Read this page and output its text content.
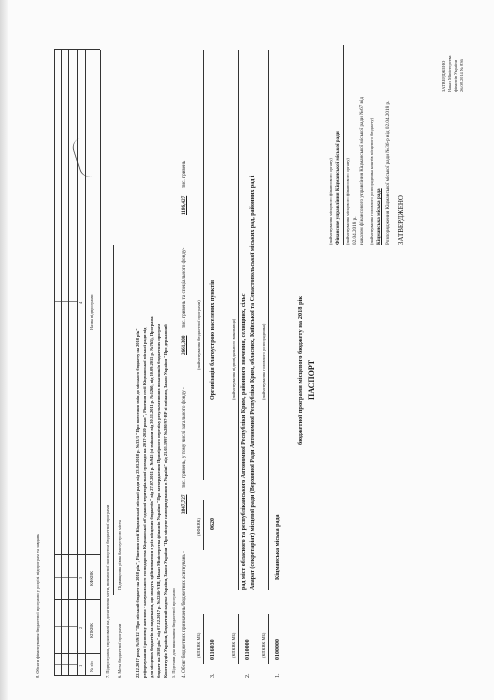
ЗАТВЕРДЖЕНО Наказ Міністерства фінансів України 26.08.2014 № 836
ЗАТВЕРДЖЕНО
Розпорядження Кіцманської міської ради №36-р від 02.04.2018 р.
Кіцманська міська рада
(найменування головного розпорядника коштів місцевого бюджету)
наказом фінансового управління Кіцманської міської ради №67 від
02.04.2018 р.
(найменування місцевого фінансового органу)
Фінансове управління Кіцманської міської ради
(найменування місцевого фінансового органу)
ПАСПОРТ
бюджетної програми місцевого бюджету на 2018 рік
1.
0100000
(КПКВК МБ)
Кіцманська міська рада
(найменування головного розпорядника)
2.
0110000
(КПКВК МБ)
Апарат (секретаріат) місцевої ради (Верховної Ради Автономної Республіки Крим, обласних, Київської та Севастопольської міських рад, районних рад і
рад міст обласного та республіканського Автономної Республіки Крим, районного значення, селищних, сільс
(найменування відповідального виконавця)
3.
0116030
(КПКВК МБ)
0620
(КФКВК)
Організація благоустрою населених пунктів
(найменування бюджетної програми)
4. Обсяг бюджетних призначень/бюджетних асигнувань -
3847,727
тис. гривень, у тому числі загального фонду -
2661,300
тис. гривень та спеціального фонду-
1186,427
тис. гривень
5. Підстави для виконання бюджетної програми
Конституція України, Бюджетний кодекс України, Закон України "Про місцеве самоврядування в Україні" від 21.05.1997 №280/97-ВР зі змінами, Закон України "Про державний
бюджет на 2018 рік" від 07.12.2017 р. №2246-VIII, Наказ Міністерства фінансів України "Про затвердження Примірного переліку результативних показників бюджетних програм
для місцевих бюджетів за видатками, що можуть здійснюватися з усіх місцевих бюджетів" від 27.07.2011 р. №945 (зі змінами від 30.11.2011 р. №1260, від 10.09.2015 р. №765), Програма
реформування і розвитку житлово - комунального господарства Кіцманської об'єднаної територіальної громади на 2017-2020 роки", Рішення сесії Кіцманської міської ради від
22.12.2017 року №39/12 "Про міський бюджет на 2018 рік", Рішення сесії Кіцманської міської ради від 23.03.2018 р. №33/3 "Про внесення змін до міського бюджету на 2018 рік"
6. Мета бюджетної програми
Підвищення рівня благоустрою міста
7. Підпрограми, спрямовані на досягнення мети, визначеної паспортом бюджетної програми
№ з/п
КПКВК
КФКВК
Назва підпрограми
1
2
3
4
8. Обсяги фінансування бюджетної програми у розрізі підпрограм та завдань
